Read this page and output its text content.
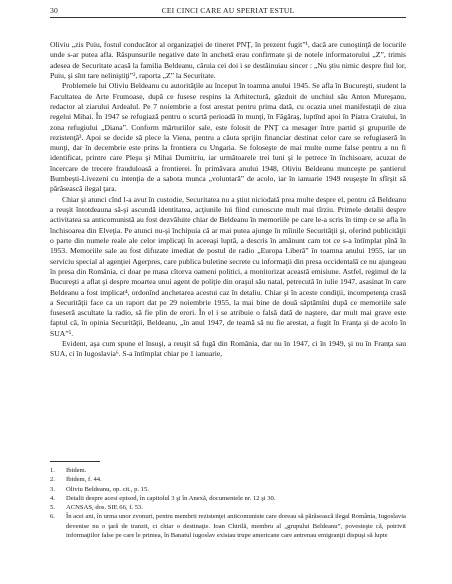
30	CEI CINCI CARE AU SPERIAT ESTUL

Oliviu „zis Puiu, fostul conducător al organizaţiei de tineret PNŢ, în prezent fugit”¹, dacă are cunoştinţă de locurile unde s-ar putea afla. Răspunsurile negative date în anchetă erau confirmate şi de notele informatorului „Z”, trimis adesea de Securitate acasă la familia Beldeanu, căruia cei doi i se destăinuiau sincer : „Nu ştiu nimic despre fiul lor, Puiu, şi sînt tare neliniştiţi”², raporta „Z” la Securitate.

Problemele lui Oliviu Beldeanu cu autorităţile au început în toamna anului 1945. Se afla în Bucureşti, student la Facultatea de Arte Frumoase, după ce fusese respins la Arhitectură, găzduit de unchiul său Anton Mureşanu, redactor al ziarului Ardealul. Pe 7 noiembrie a fost arestat pentru prima dată, cu ocazia unei manifestaţii de ziua regelui Mihai. În 1947 se refugiază pentru o scurtă perioadă în munţi, în Făgăraş, luptînd apoi în Piatra Craiului, în zona refugiului „Diana”. Conform mărturiilor sale, este folosit de PNŢ ca mesager între partid şi grupurile de rezistenţă³. Apoi se decide să plece la Viena, pentru a căuta sprijin financiar destinat celor care se refugiaseră în munţi, dar în decembrie este prins la frontiera cu Ungaria. Se foloseşte de mai multe nume false pentru a nu fi identificat, printre care Pleşu şi Mihai Dumitriu, iar următoarele trei luni şi le petrece în închisoare, acuzat de încercare de trecere frauduloasă a frontierei. În primăvara anului 1948, Oliviu Beldeanu munceşte pe şantierul Bumbeşti-Livezeni cu intenţia de a sabota munca „voluntară” de acolo, iar în ianuarie 1949 reuşeşte în sfîrşit să părăsească ilegal ţara.

Chiar şi atunci cînd l-a avut în custodie, Securitatea nu a ştiut niciodată prea multe despre el, pentru că Beldeanu a reuşit întotdeauna să-şi ascundă identitatea, acţiunile lui fiind cunoscute mult mai tîrziu. Primele detalii despre activitatea sa anticomunistă au fost dezvăluite chiar de Beldeanu în memoriile pe care le-a scris în timp ce se afla în închisoarea din Elveţia. Pe atunci nu-şi închipuia că ar mai putea ajunge în mîinile Securităţii şi, oferind publicităţii o parte din numele reale ale celor implicaţi în aceeaşi luptă, a descris în amănunt cam tot ce s-a întîmplat pînă în 1953. Memoriile sale au fost difuzate imediat de postul de radio „Europa Liberă” în toamna anului 1955, iar un serviciu special al agenţiei Agerpres, care publica buletine secrete cu informaţii din presa occidentală ce nu ajungeau în presa din România, ci doar pe masa cîtorva oameni politici, a monitorizat această emisiune. Astfel, regimul de la Bucureşti a aflat şi despre moartea unui agent de poliţie din oraşul său natal, petrecută în iulie 1947, asasinat în care Beldeanu a fost implicat⁴, ordonînd anchetarea acestui caz în detaliu. Chiar şi în aceste condiţii, incompetenţa crasă a Securităţii face ca un raport dat pe 29 noiembrie 1955, la mai bine de două săptămîni după ce memoriile sale fuseseră ascultate la radio, să fie plin de erori. În el i se atribuie o falsă dată de naştere, dar mult mai grave este faptul că, în opinia Securităţii, Beldeanu, „în anul 1947, de teamă să nu fie arestat, a fugit în Franţa şi de acolo în SUA”⁵.

Evident, aşa cum spune el însuşi, a reuşit să fugă din România, dar nu în 1947, ci în 1949, şi nu în Franţa sau SUA, ci în Iugoslavia⁶. S-a întîmplat chiar pe 1 ianuarie,

1. Ibidem.
2. Ibidem, f. 44.
3. Oliviu Beldeanu, op. cit., p. 15.
4. Detalii despre acest episod, în capitolul 3 şi în Anexă, documentele nr. 12 şi 30.
5. ACNSAS, dos. SIE 66, f. 53.
6. În acei ani, în urma unor zvonuri, pentru membrii rezistenţei anticomuniste care doreau să părăsească ilegal România, Iugoslavia devenise nu o ţară de tranzit, ci chiar o destinaţie. Ioan Chirilă, membru al „grupului Beldeanu”, povesteşte că, potrivit informaţiilor false pe care le primea, în Banatul iugoslav existau trupe americane care antrenau emigranţii dispuşi să lupte
